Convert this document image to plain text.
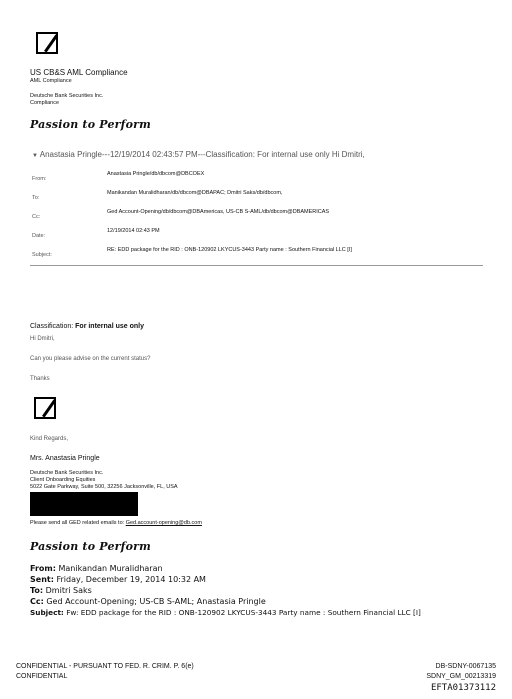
US CB&S AML Compliance
AML Compliance
Deutsche Bank Securities Inc.
Compliance
Passion to Perform
▼ Anastasia Pringle---12/19/2014 02:43:57 PM---Classification: For internal use only Hi Dmitri,
From:
Anastasia Pringle/db/dbcom@DBCOEX
To:
Manikandan Muralidharan/db/dbcom@DBAPAC; Dmitri Saks/db/dbcom,
Cc:
Ged Account-Opening/db/dbcom@DBAmericas, US-CB S-AML/db/dbcom@DBAMERICAS
Date:
12/19/2014 02:43 PM
Subject:
RE: EDD package for the RID : ONB-120902 LKYCUS-3443 Party name : Southern Financial LLC [I]
Classification: For internal use only
Hi Dmitri,
Can you please advise on the current status?
Thanks
Kind Regards,
Mrs. Anastasia Pringle
Deutsche Bank Securities Inc.
Client Onboarding Equities
5022 Gate Parkway, Suite 500, 32256 Jacksonville, FL, USA
Please send all GED related emails to: Ged.account-opening@db.com
Passion to Perform
From: Manikandan Muralidharan
Sent: Friday, December 19, 2014 10:32 AM
To: Dmitri Saks
Cc: Ged Account-Opening; US-CB S-AML; Anastasia Pringle
Subject: Fw: EDD package for the RID : ONB-120902 LKYCUS-3443 Party name : Southern Financial LLC [I]
CONFIDENTIAL - PURSUANT TO FED. R. CRIM. P. 6(e)
CONFIDENTIAL
DB-SDNY-0067135
SDNY_GM_00213319
EFTA01373112
